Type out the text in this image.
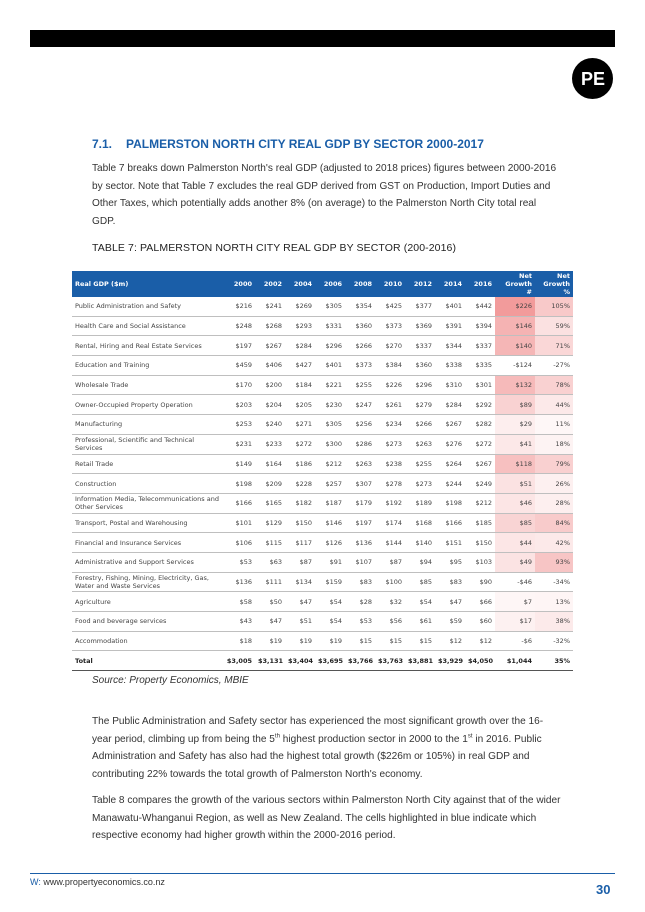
PE
7.1. PALMERSTON NORTH CITY REAL GDP BY SECTOR 2000-2017

Table 7 breaks down Palmerston North's real GDP (adjusted to 2018 prices) figures between 2000-2016 by sector. Note that Table 7 excludes the real GDP derived from GST on Production, Import Duties and Other Taxes, which potentially adds another 8% (on average) to the Palmerston North City total real GDP.

TABLE 7: PALMERSTON NORTH CITY REAL GDP BY SECTOR (200-2016)
Real GDP ($m)	2000	2002	2004	2006	2008	2010	2012	2014	2016	Net Growth #	Net Growth %
Public Administration and Safety	$216	$241	$269	$305	$354	$425	$377	$401	$442	$226	105%
Health Care and Social Assistance	$248	$268	$293	$331	$360	$373	$369	$391	$394	$146	59%
Rental, Hiring and Real Estate Services	$197	$267	$284	$296	$266	$270	$337	$344	$337	$140	71%
Education and Training	$459	$406	$427	$401	$373	$384	$360	$338	$335	-$124	-27%
Wholesale Trade	$170	$200	$184	$221	$255	$226	$296	$310	$301	$132	78%
Owner-Occupied Property Operation	$203	$204	$205	$230	$247	$261	$279	$284	$292	$89	44%
Manufacturing	$253	$240	$271	$305	$256	$234	$266	$267	$282	$29	11%
Professional, Scientific and Technical Services	$231	$233	$272	$300	$286	$273	$263	$276	$272	$41	18%
Retail Trade	$149	$164	$186	$212	$263	$238	$255	$264	$267	$118	79%
Construction	$198	$209	$228	$257	$307	$278	$273	$244	$249	$51	26%
Information Media, Telecommunications and Other Services	$166	$165	$182	$187	$179	$192	$189	$198	$212	$46	28%
Transport, Postal and Warehousing	$101	$129	$150	$146	$197	$174	$168	$166	$185	$85	84%
Financial and Insurance Services	$106	$115	$117	$126	$136	$144	$140	$151	$150	$44	42%
Administrative and Support Services	$53	$63	$87	$91	$107	$87	$94	$95	$103	$49	93%
Forestry, Fishing, Mining, Electricity, Gas, Water and Waste Services	$136	$111	$134	$159	$83	$100	$85	$83	$90	-$46	-34%
Agriculture	$58	$50	$47	$54	$28	$32	$54	$47	$66	$7	13%
Food and beverage services	$43	$47	$51	$54	$53	$56	$61	$59	$60	$17	38%
Accommodation	$18	$19	$19	$19	$15	$15	$15	$12	$12	-$6	-32%
Total	$3,005	$3,131	$3,404	$3,695	$3,766	$3,763	$3,881	$3,929	$4,050	$1,044	35%
Source: Property Economics, MBIE

The Public Administration and Safety sector has experienced the most significant growth over the 16-year period, climbing up from being the 5th highest production sector in 2000 to the 1st in 2016. Public Administration and Safety has also had the highest total growth ($226m or 105%) in real GDP and contributing 22% towards the total growth of Palmerston North's economy.

Table 8 compares the growth of the various sectors within Palmerston North City against that of the wider Manawatu-Whanganui Region, as well as New Zealand. The cells highlighted in blue indicate which respective economy had higher growth within the 2000-2016 period.

W: www.propertyeconomics.co.nz	30
